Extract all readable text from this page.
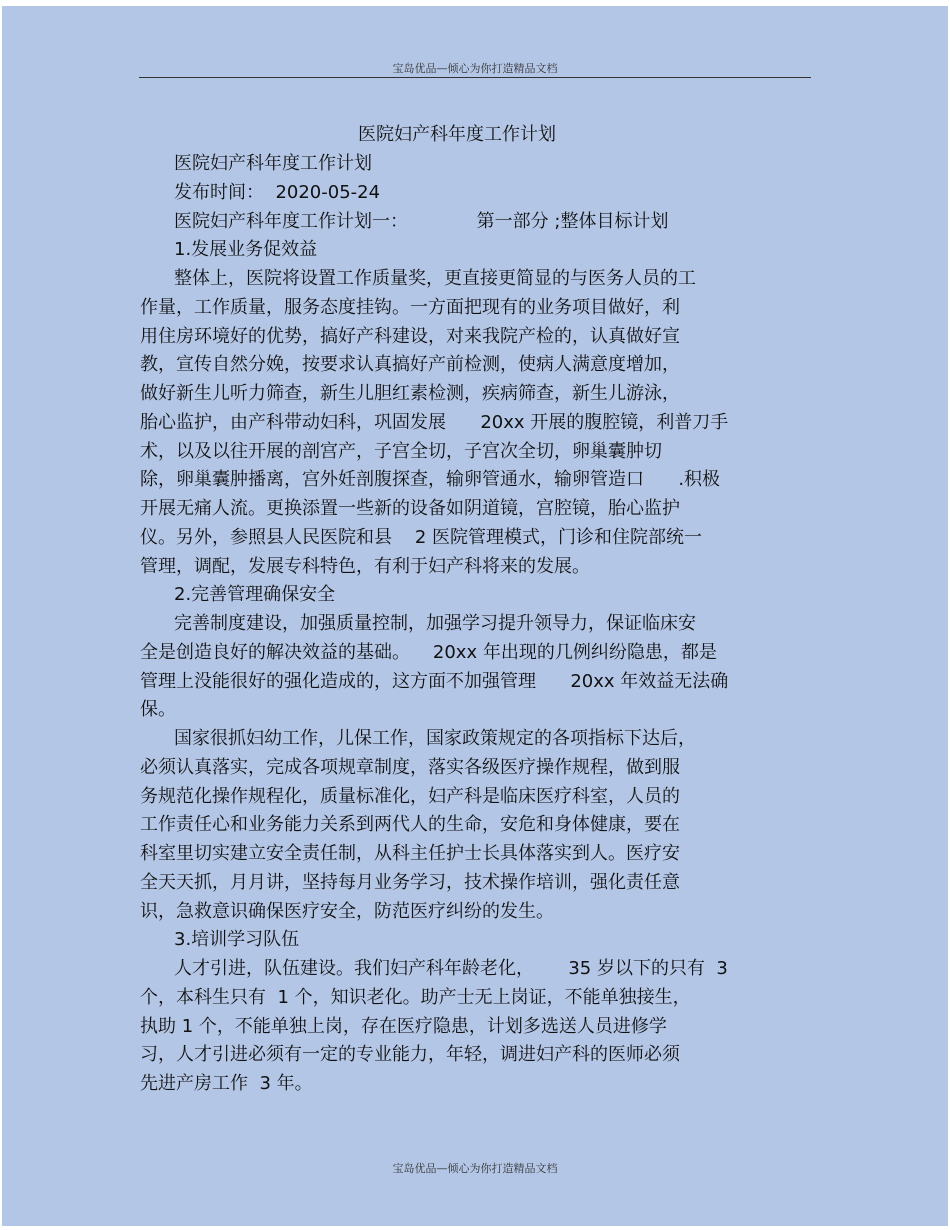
宝岛优品—倾心为你打造精品文档
医院妇产科年度工作计划
医院妇产科年度工作计划
发布时间：  2020-05-24
医院妇产科年度工作计划一：            第一部分 ;整体目标计划
1.发展业务促效益
整体上，医院将设置工作质量奖，更直接更简显的与医务人员的工
作量，工作质量，服务态度挂钩。一方面把现有的业务项目做好，利
用住房环境好的优势，搞好产科建设，对来我院产检的，认真做好宣
教，宣传自然分娩，按要求认真搞好产前检测，使病人满意度增加，
做好新生儿听力筛查，新生儿胆红素检测，疾病筛查，新生儿游泳，
胎心监护，由产科带动妇科，巩固发展      20xx 开展的腹腔镜，利普刀手
术，以及以往开展的剖宫产，子宫全切，子宫次全切，卵巢囊肿切
除，卵巢囊肿播离，宫外妊剖腹探查，输卵管通水，输卵管造口      .积极
开展无痛人流。更换添置一些新的设备如阴道镜，宫腔镜，胎心监护
仪。另外，参照县人民医院和县    2 医院管理模式，门诊和住院部统一
管理，调配，发展专科特色，有利于妇产科将来的发展。
2.完善管理确保安全
完善制度建设，加强质量控制，加强学习提升领导力，保证临床安
全是创造良好的解决效益的基础。    20xx 年出现的几例纠纷隐患，都是
管理上没能很好的强化造成的，这方面不加强管理      20xx 年效益无法确
保。
国家很抓妇幼工作，儿保工作，国家政策规定的各项指标下达后，
必须认真落实，完成各项规章制度，落实各级医疗操作规程，做到服
务规范化操作规程化，质量标准化，妇产科是临床医疗科室，人员的
工作责任心和业务能力关系到两代人的生命，安危和身体健康，要在
科室里切实建立安全责任制，从科主任护士长具体落实到人。医疗安
全天天抓，月月讲，坚持每月业务学习，技术操作培训，强化责任意
识，急救意识确保医疗安全，防范医疗纠纷的发生。
3.培训学习队伍
人才引进，队伍建设。我们妇产科年龄老化，      35 岁以下的只有  3
个，本科生只有  1 个，知识老化。助产士无上岗证，不能单独接生，
执助 1 个，不能单独上岗，存在医疗隐患，计划多选送人员进修学
习，人才引进必须有一定的专业能力，年轻，调进妇产科的医师必须
先进产房工作  3 年。
宝岛优品—倾心为你打造精品文档
